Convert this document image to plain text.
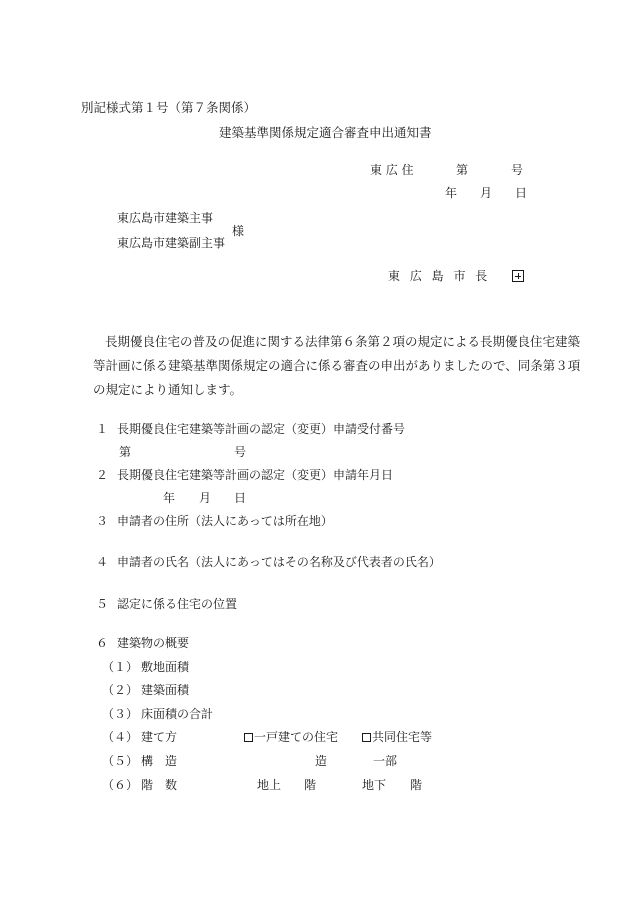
別記様式第１号（第７条関係）
建築基準関係規定適合審査申出通知書
東 広 住	第	号
年 月 日
東広島市建築主事
東広島市建築副主事
様
東 広 島 市 長
長期優良住宅の普及の促進に関する法律第６条第２項の規定による長期優良住宅建築
等計画に係る建築基準関係規定の適合に係る審査の申出がありましたので、同条第３項
の規定により通知します。
１ 長期優良住宅建築等計画の認定（変更）申請受付番号
第	号
２ 長期優良住宅建築等計画の認定（変更）申請年月日
年 月 日
３ 申請者の住所（法人にあっては所在地）
４ 申請者の氏名（法人にあってはその名称及び代表者の氏名）
５ 認定に係る住宅の位置
６ 建築物の概要
（１） 敷地面積
（２） 建築面積
（３） 床面積の合計
（４） 建て方	一戸建ての住宅	共同住宅等
（５） 構　造	造	一部
（６） 階　数	地上 階	地下 階
